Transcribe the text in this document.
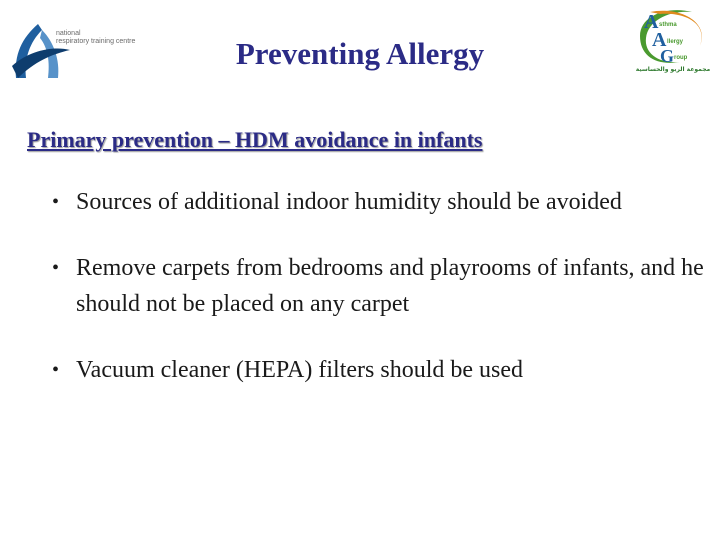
national
respiratory training centre	Preventing Allergy
A
A
G
sthma
llergy
roup
مجموعة الربو والحساسية
Primary prevention – HDM avoidance in infants
• Sources of additional indoor humidity should be avoided
• Remove carpets from bedrooms and playrooms of infants, and he should not be placed on any carpet
• Vacuum cleaner (HEPA) filters should be used
